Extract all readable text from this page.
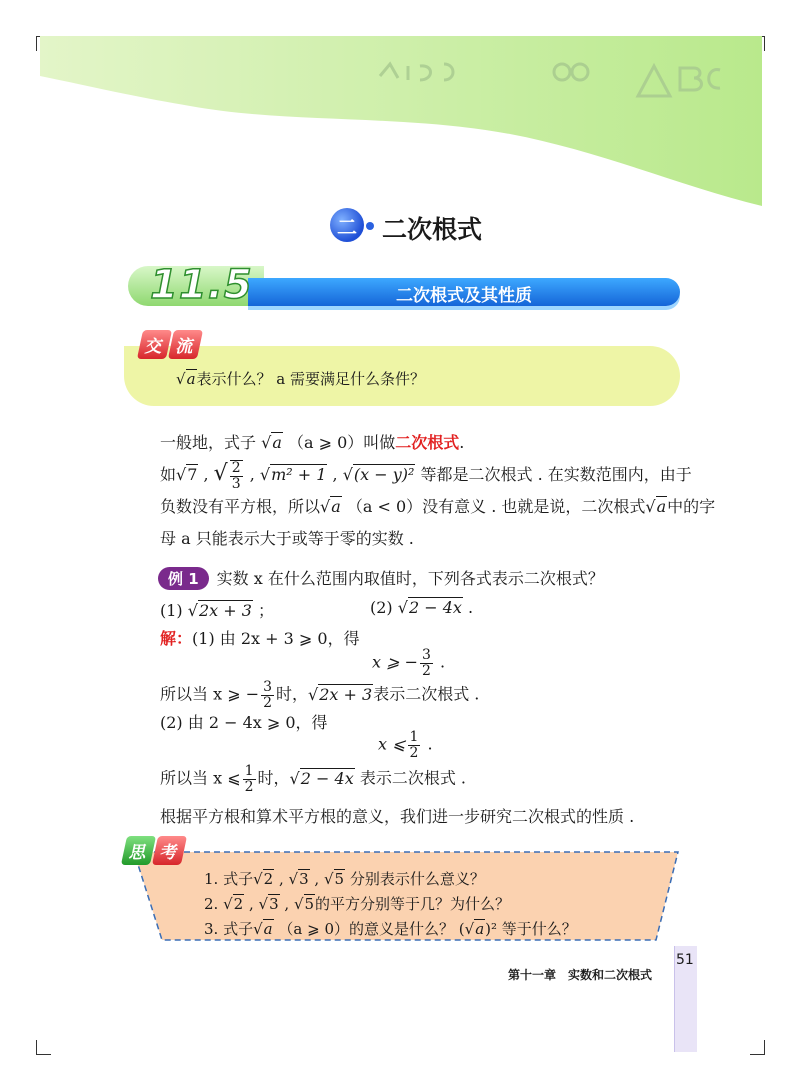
二 二次根式
11.5	二次根式及其性质
交 流
√a表示什么？ a 需要满足什么条件？
一般地，式子 √a （a ⩾ 0）叫做二次根式.
如√7 , √ $\frac{2}{3}$ , √m² + 1 , √(x − y)² 等都是二次根式 . 在实数范围内，由于
负数没有平方根，所以√a （a < 0）没有意义 . 也就是说，二次根式√a中的字
母 a 只能表示大于或等于零的实数 .
例 1 实数 x 在什么范围内取值时，下列各式表示二次根式？
(1) √2x + 3 ；	(2) √2 − 4x .
解：(1) 由 2x + 3 ⩾ 0，得
x ⩾ − $\frac{3}{2}$ .
所以当 x ⩾ − $\frac{3}{2}$ 时，√2x + 3表示二次根式 .
(2) 由 2 − 4x ⩾ 0，得
x ⩽ $\frac{1}{2}$ .
所以当 x ⩽ $\frac{1}{2}$ 时，√2 − 4x 表示二次根式 .
根据平方根和算术平方根的意义，我们进一步研究二次根式的性质 .
思 考
1. 式子√2 , √3 , √5 分别表示什么意义？
2. √2 , √3 , √5的平方分别等于几？为什么？
3. 式子√a （a ⩾ 0）的意义是什么？ (√a)² 等于什么？
51
第十一章　实数和二次根式
